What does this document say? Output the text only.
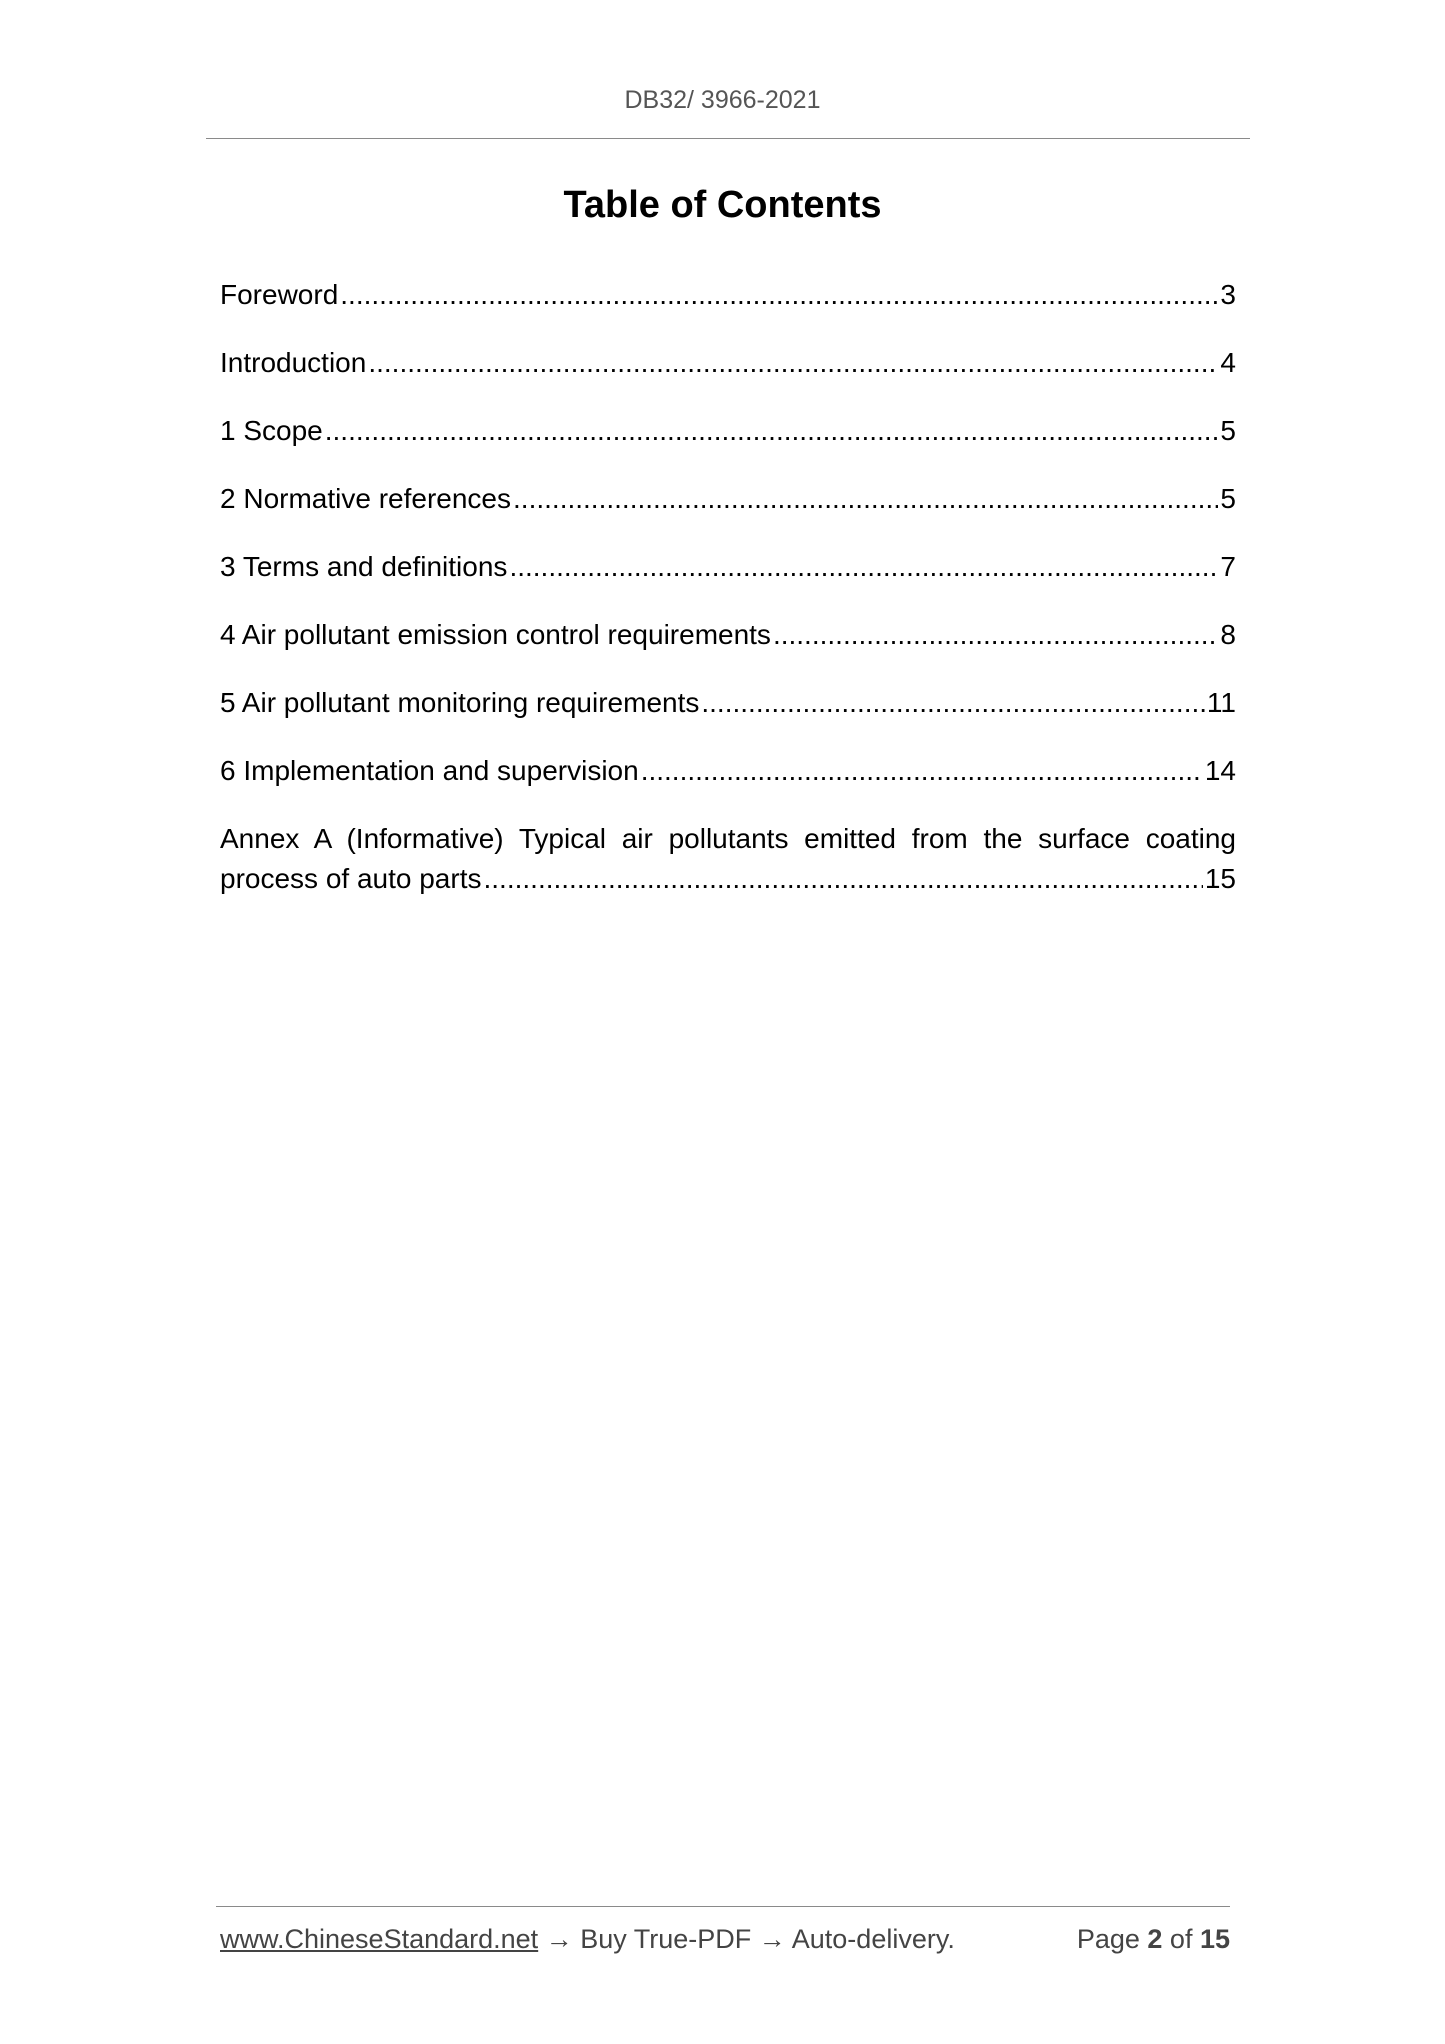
DB32/ 3966-2021
Table of Contents
Foreword .....	3
Introduction .....	4
1 Scope .....	5
2 Normative references .....	5
3 Terms and definitions .....	7
4 Air pollutant emission control requirements .....	8
5 Air pollutant monitoring requirements .....	11
6 Implementation and supervision .....	14
Annex A (Informative) Typical air pollutants emitted from the surface coating
process of auto parts .....	15
www.ChineseStandard.net → Buy True-PDF → Auto-delivery.	Page 2 of 15
